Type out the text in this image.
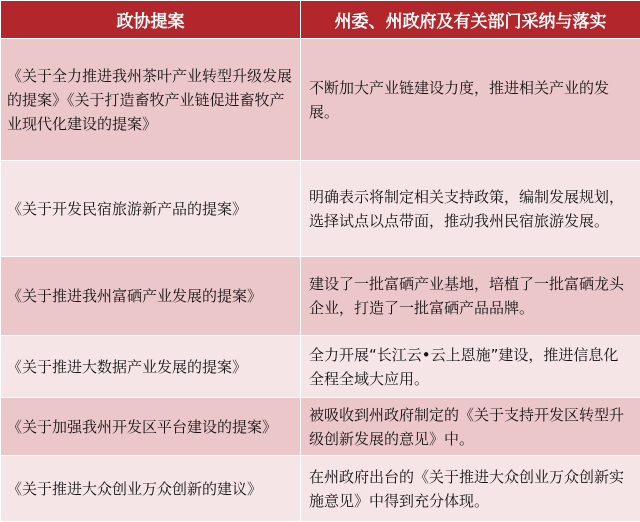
政协提案	州委、州政府及有关部门采纳与落实
《关于全力推进我州茶叶产业转型升级发展的提案》《关于打造畜牧产业链促进畜牧产业现代化建设的提案》	不断加大产业链建设力度，推进相关产业的发展。
《关于开发民宿旅游新产品的提案》	明确表示将制定相关支持政策，编制发展规划，选择试点以点带面，推动我州民宿旅游发展。
《关于推进我州富硒产业发展的提案》	建设了一批富硒产业基地，培植了一批富硒龙头企业，打造了一批富硒产品品牌。
《关于推进大数据产业发展的提案》	全力开展“长江云•云上恩施”建设，推进信息化全程全域大应用。
《关于加强我州开发区平台建设的提案》	被吸收到州政府制定的《关于支持开发区转型升级创新发展的意见》中。
《关于推进大众创业万众创新的建议》	在州政府出台的《关于推进大众创业万众创新实施意见》中得到充分体现。
